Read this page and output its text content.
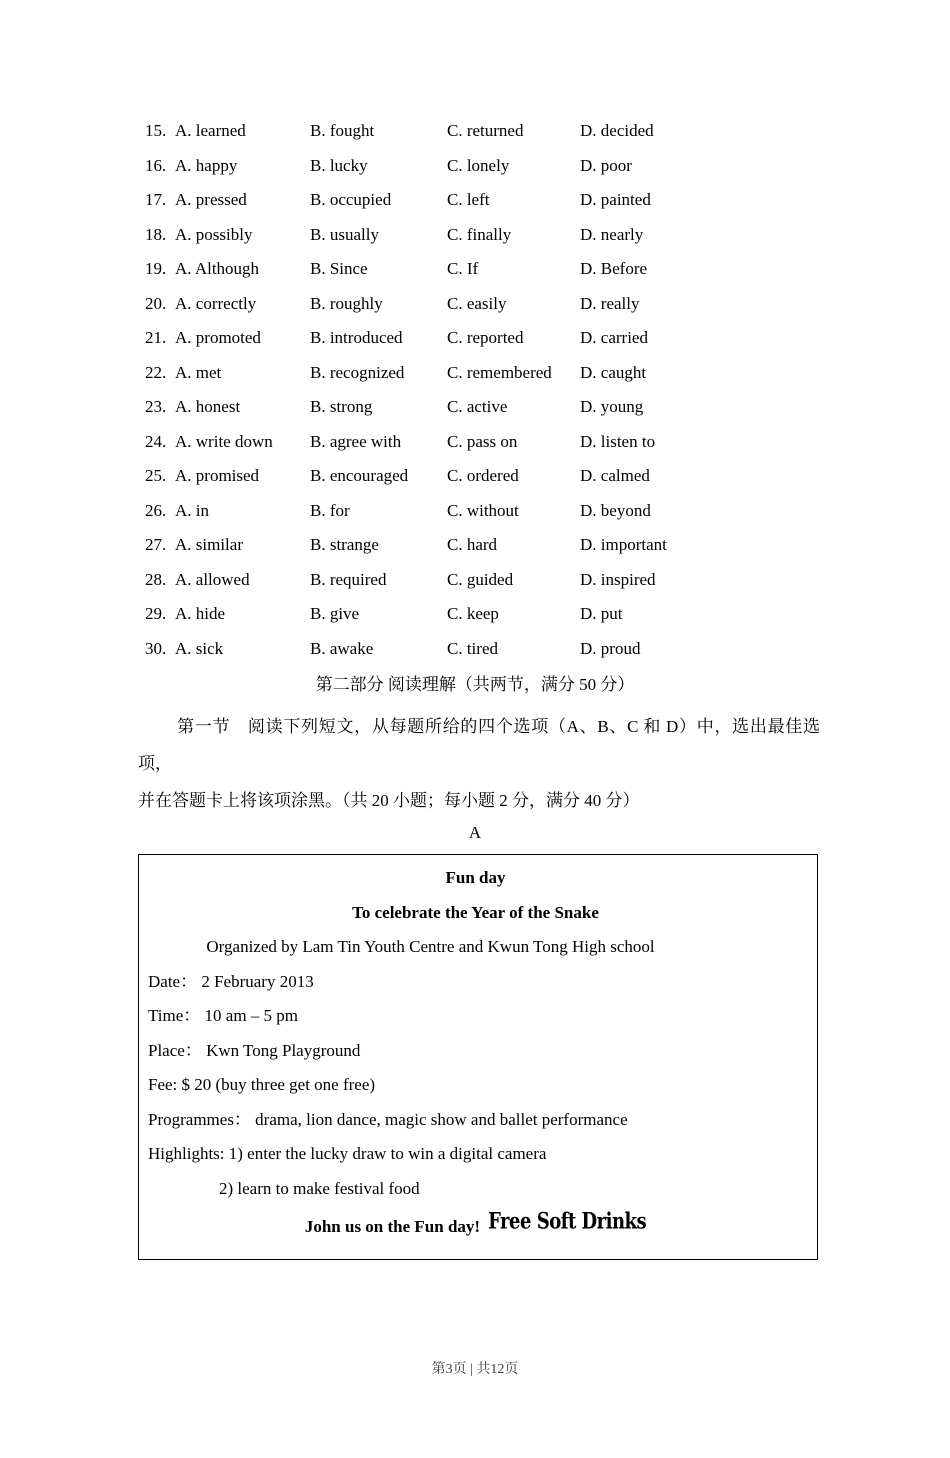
15. A. learned	B. fought	C. returned	D. decided
16. A. happy	B. lucky	C. lonely	D. poor
17. A. pressed	B. occupied	C. left	D. painted
18. A. possibly	B. usually	C. finally	D. nearly
19. A. Although	B. Since	C. If	D. Before
20. A. correctly	B. roughly	C. easily	D. really
21. A. promoted	B. introduced	C. reported	D. carried
22. A. met	B. recognized	C. remembered	D. caught
23. A. honest	B. strong	C. active	D. young
24. A. write down	B. agree with	C. pass on	D. listen to
25. A. promised	B. encouraged	C. ordered	D. calmed
26. A. in	B. for	C. without	D. beyond
27. A. similar	B. strange	C. hard	D. important
28. A. allowed	B. required	C. guided	D. inspired
29. A. hide	B. give	C. keep	D. put
30. A. sick	B. awake	C. tired	D. proud
第二部分 阅读理解（共两节，满分 50 分）
第一节　阅读下列短文，从每题所给的四个选项（A、B、C 和 D）中，选出最佳选项，
并在答题卡上将该项涂黑。（共 20 小题；每小题 2 分，满分 40 分）
A
Fun day
To celebrate the Year of the Snake
Organized by Lam Tin Youth Centre and Kwun Tong High school
Date： 2 February 2013
Time： 10 am – 5 pm
Place： Kwn Tong Playground
Fee: $ 20 (buy three get one free)
Programmes： drama, lion dance, magic show and ballet performance
Highlights: 1) enter the lucky draw to win a digital camera
2) learn to make festival food
John us on the Fun day! Free Soft Drinks
第3页 | 共12页
